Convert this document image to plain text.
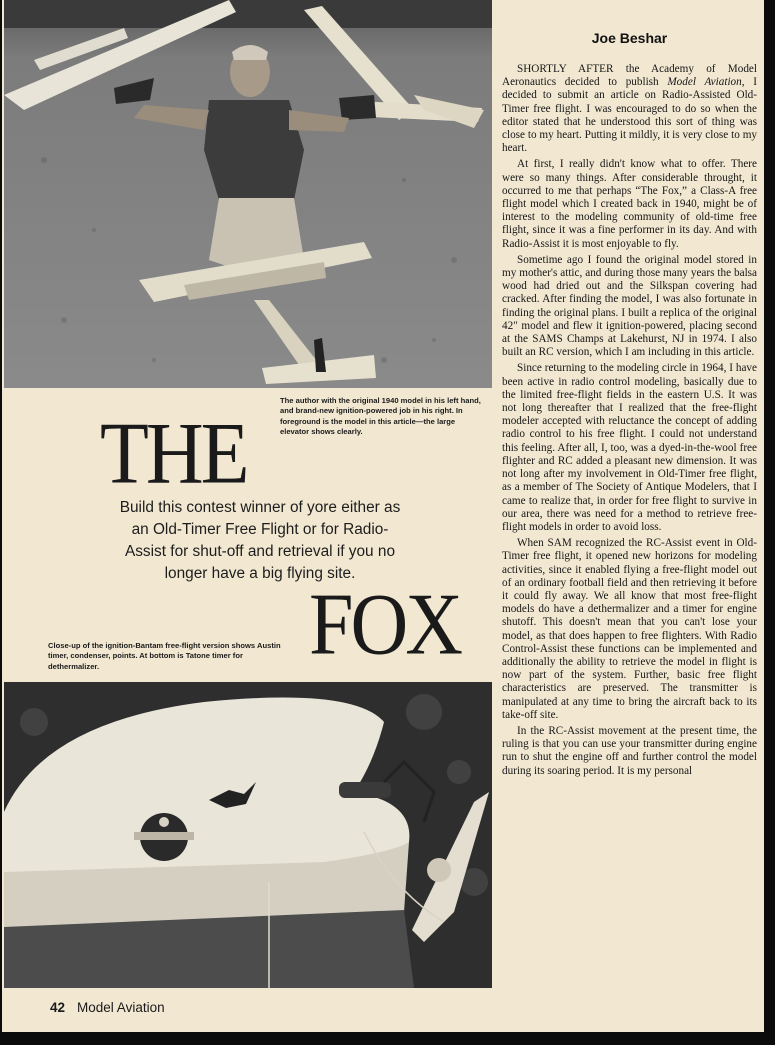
The author with the original 1940 model in his left hand, and brand-new ignition-powered job in his right. In foreground is the model in this article—the large elevator shows clearly.
THE
Build this contest winner of yore either as an Old-Timer Free Flight or for Radio-Assist for shut-off and retrieval if you no longer have a big flying site.
FOX
Close-up of the ignition-Bantam free-flight version shows Austin timer, condenser, points. At bottom is Tatone timer for dethermalizer.
Joe Beshar

SHORTLY AFTER the Academy of Model Aeronautics decided to publish Model Aviation, I decided to submit an article on Radio-Assisted Old-Timer free flight. I was encouraged to do so when the editor stated that he understood this sort of thing was close to my heart. Putting it mildly, it is very close to my heart.

At first, I really didn't know what to offer. There were so many things. After considerable throught, it occurred to me that perhaps “The Fox,” a Class-A free flight model which I created back in 1940, might be of interest to the modeling community of old-time free flight, since it was a fine performer in its day. And with Radio-Assist it is most enjoyable to fly.

Sometime ago I found the original model stored in my mother's attic, and during those many years the balsa wood had dried out and the Silkspan covering had cracked. After finding the model, I was also fortunate in finding the original plans. I built a replica of the original 42″ model and flew it ignition-powered, placing second at the SAMS Champs at Lakehurst, NJ in 1974. I also built an RC version, which I am including in this article.

Since returning to the modeling circle in 1964, I have been active in radio control modeling, basically due to the limited free-flight fields in the eastern U.S. It was not long thereafter that I realized that the free-flight modeler accepted with reluctance the concept of adding radio control to his free flight. I could not understand this feeling. After all, I, too, was a dyed-in-the-wool free flighter and RC added a pleasant new dimension. It was not long after my involvement in Old-Timer free flight, as a member of The Society of Antique Modelers, that I came to realize that, in order for free flight to survive in our area, there was need for a method to retrieve free-flight models in order to avoid loss.

When SAM recognized the RC-Assist event in Old-Timer free flight, it opened new horizons for modeling activities, since it enabled flying a free-flight model out of an ordinary football field and then retrieving it before it could fly away. We all know that most free-flight models do have a dethermalizer and a timer for engine shutoff. This doesn't mean that you can't lose your model, as that does happen to free flighters. With Radio Control-Assist these functions can be implemented and additionally the ability to retrieve the model in flight is now part of the system. Further, basic free flight characteristics are preserved. The transmitter is manipulated at any time to bring the aircraft back to its take-off site.

In the RC-Assist movement at the present time, the ruling is that you can use your transmitter during engine run to shut the engine off and further control the model during its soaring period. It is my personal

42 Model Aviation
